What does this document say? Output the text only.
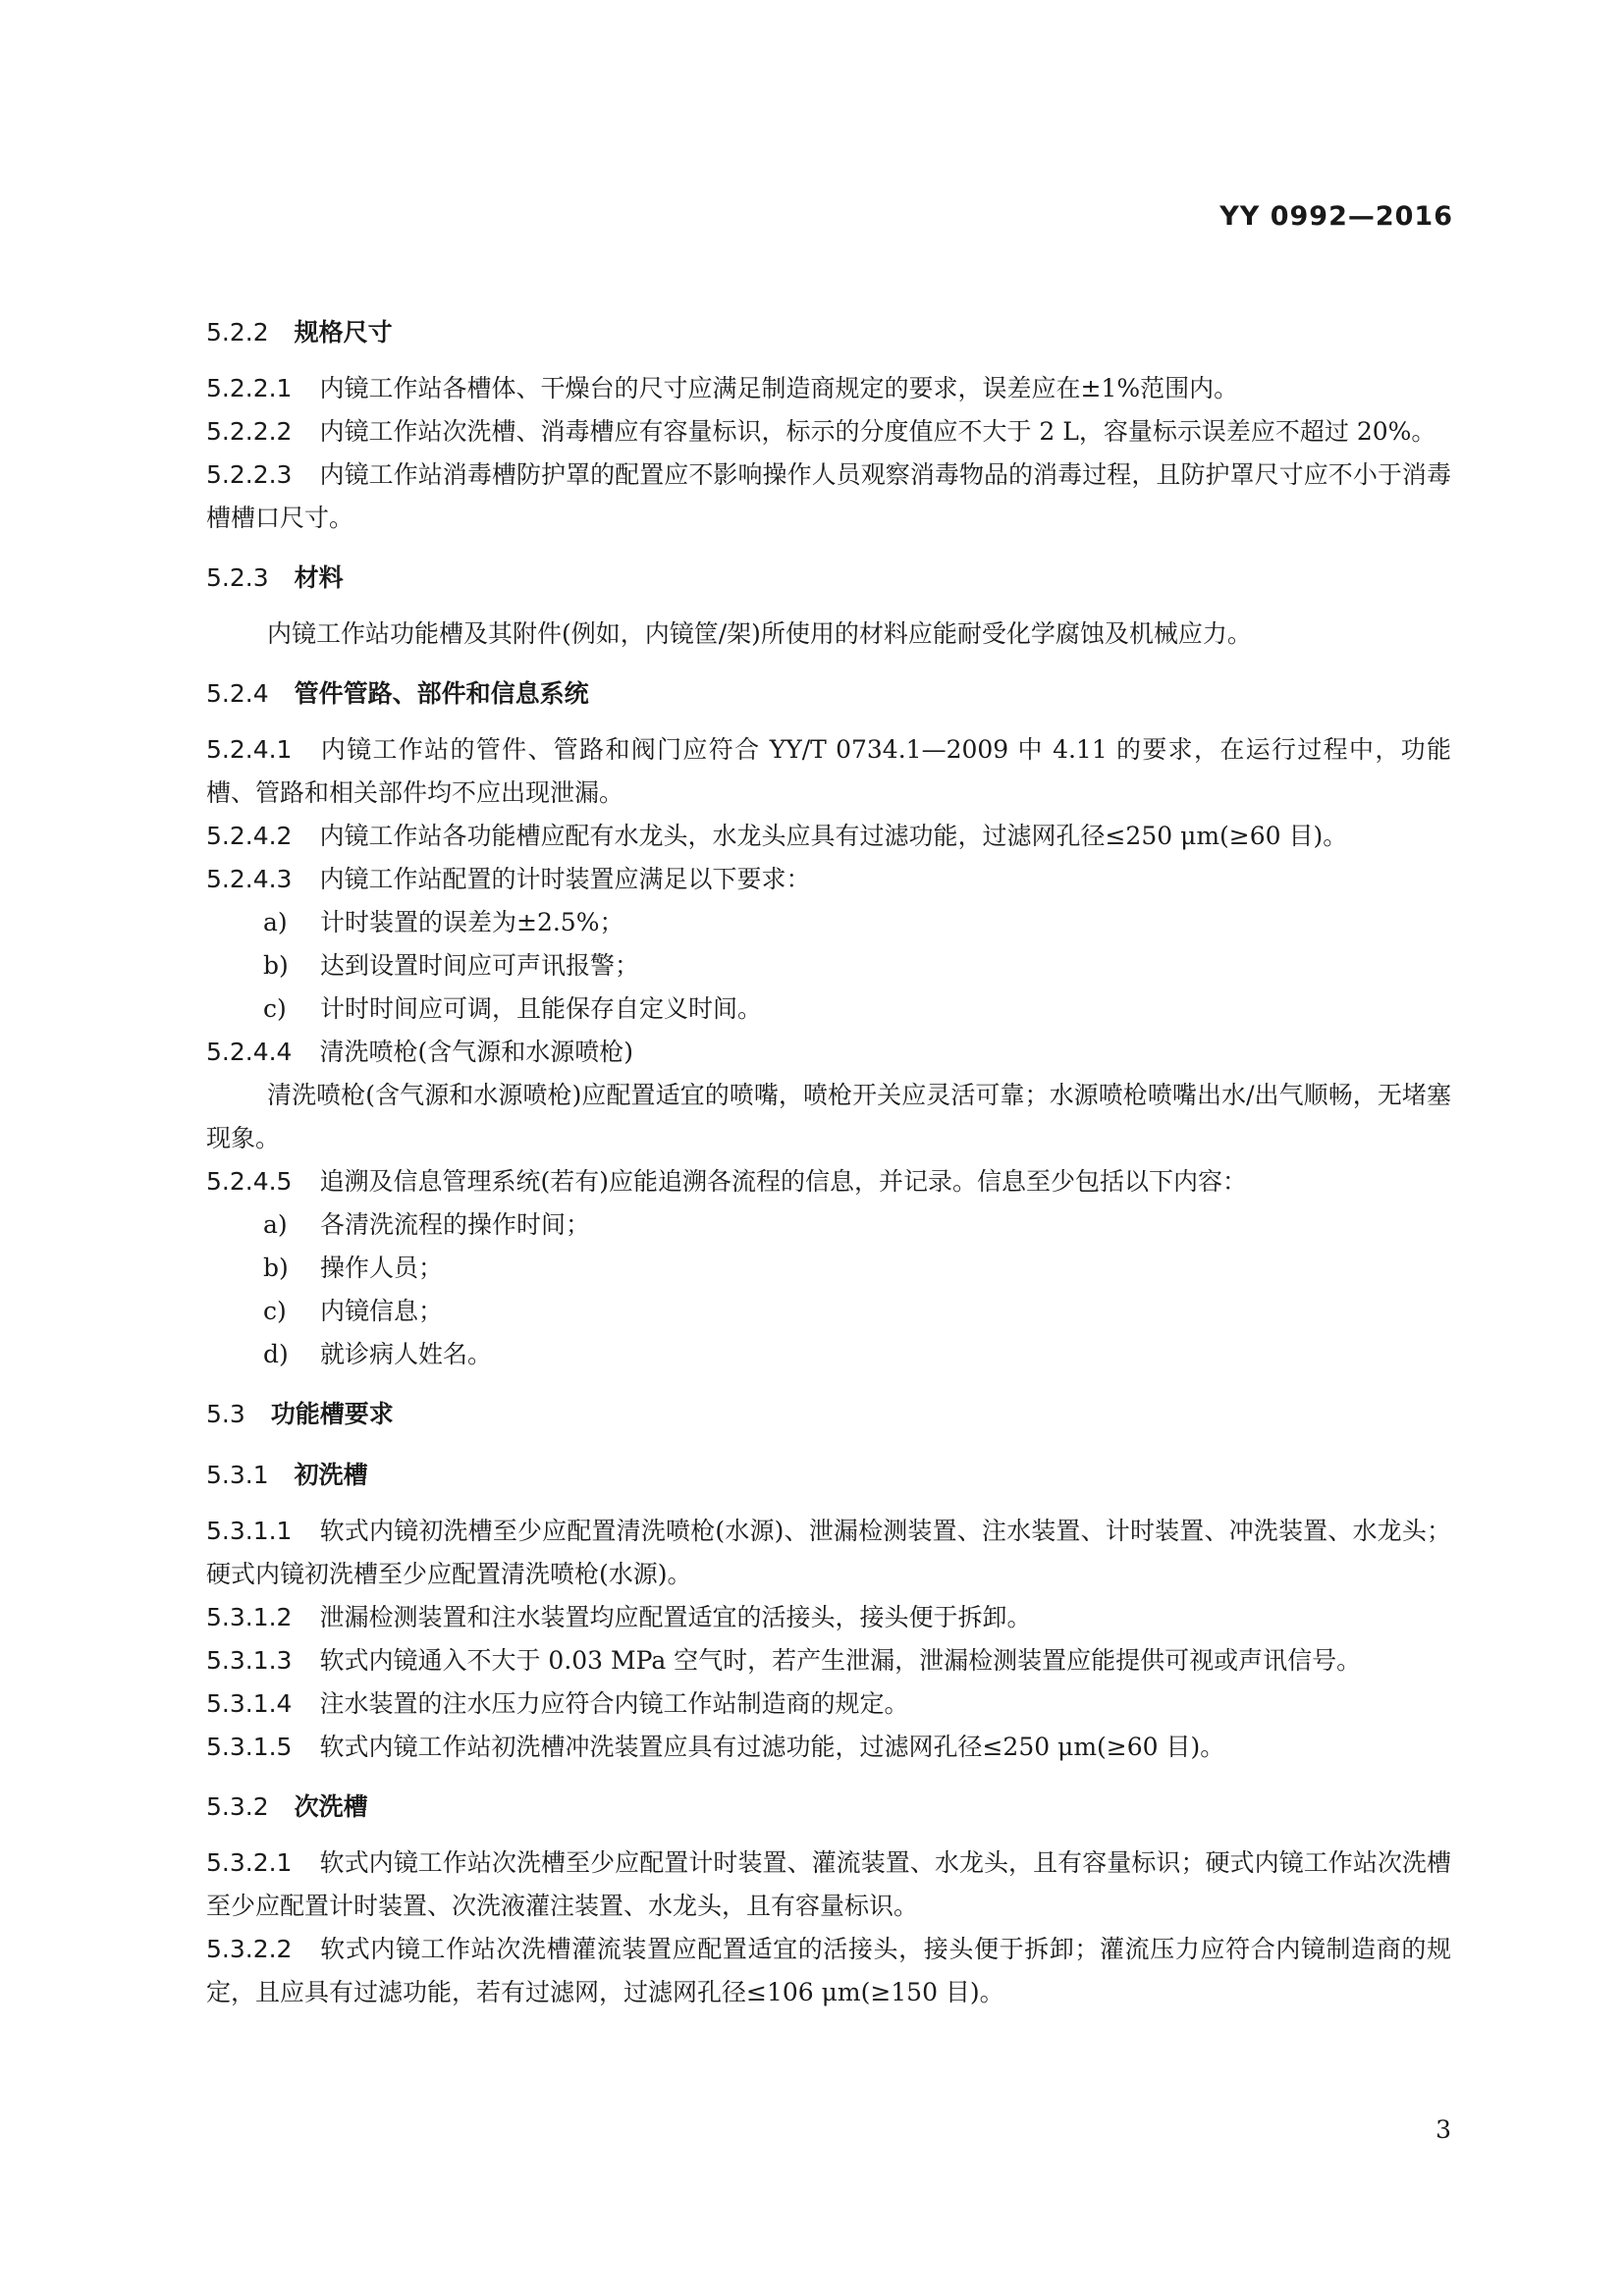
YY 0992—2016
5.2.2 规格尺寸
5.2.2.1 内镜工作站各槽体、干燥台的尺寸应满足制造商规定的要求，误差应在±1%范围内。
5.2.2.2 内镜工作站次洗槽、消毒槽应有容量标识，标示的分度值应不大于 2 L，容量标示误差应不超过 20%。
5.2.2.3 内镜工作站消毒槽防护罩的配置应不影响操作人员观察消毒物品的消毒过程，且防护罩尺寸应不小于消毒槽槽口尺寸。
5.2.3 材料
内镜工作站功能槽及其附件(例如，内镜筐/架)所使用的材料应能耐受化学腐蚀及机械应力。
5.2.4 管件管路、部件和信息系统
5.2.4.1 内镜工作站的管件、管路和阀门应符合 YY/T 0734.1—2009 中 4.11 的要求，在运行过程中，功能槽、管路和相关部件均不应出现泄漏。
5.2.4.2 内镜工作站各功能槽应配有水龙头，水龙头应具有过滤功能，过滤网孔径≤250 μm(≥60 目)。
5.2.4.3 内镜工作站配置的计时装置应满足以下要求：
a) 计时装置的误差为±2.5%；
b) 达到设置时间应可声讯报警；
c) 计时时间应可调，且能保存自定义时间。
5.2.4.4 清洗喷枪(含气源和水源喷枪)
清洗喷枪(含气源和水源喷枪)应配置适宜的喷嘴，喷枪开关应灵活可靠；水源喷枪喷嘴出水/出气顺畅，无堵塞现象。
5.2.4.5 追溯及信息管理系统(若有)应能追溯各流程的信息，并记录。信息至少包括以下内容：
a) 各清洗流程的操作时间；
b) 操作人员；
c) 内镜信息；
d) 就诊病人姓名。
5.3 功能槽要求
5.3.1 初洗槽
5.3.1.1 软式内镜初洗槽至少应配置清洗喷枪(水源)、泄漏检测装置、注水装置、计时装置、冲洗装置、水龙头；硬式内镜初洗槽至少应配置清洗喷枪(水源)。
5.3.1.2 泄漏检测装置和注水装置均应配置适宜的活接头，接头便于拆卸。
5.3.1.3 软式内镜通入不大于 0.03 MPa 空气时，若产生泄漏，泄漏检测装置应能提供可视或声讯信号。
5.3.1.4 注水装置的注水压力应符合内镜工作站制造商的规定。
5.3.1.5 软式内镜工作站初洗槽冲洗装置应具有过滤功能，过滤网孔径≤250 μm(≥60 目)。
5.3.2 次洗槽
5.3.2.1 软式内镜工作站次洗槽至少应配置计时装置、灌流装置、水龙头，且有容量标识；硬式内镜工作站次洗槽至少应配置计时装置、次洗液灌注装置、水龙头，且有容量标识。
5.3.2.2 软式内镜工作站次洗槽灌流装置应配置适宜的活接头，接头便于拆卸；灌流压力应符合内镜制造商的规定，且应具有过滤功能，若有过滤网，过滤网孔径≤106 μm(≥150 目)。
3
